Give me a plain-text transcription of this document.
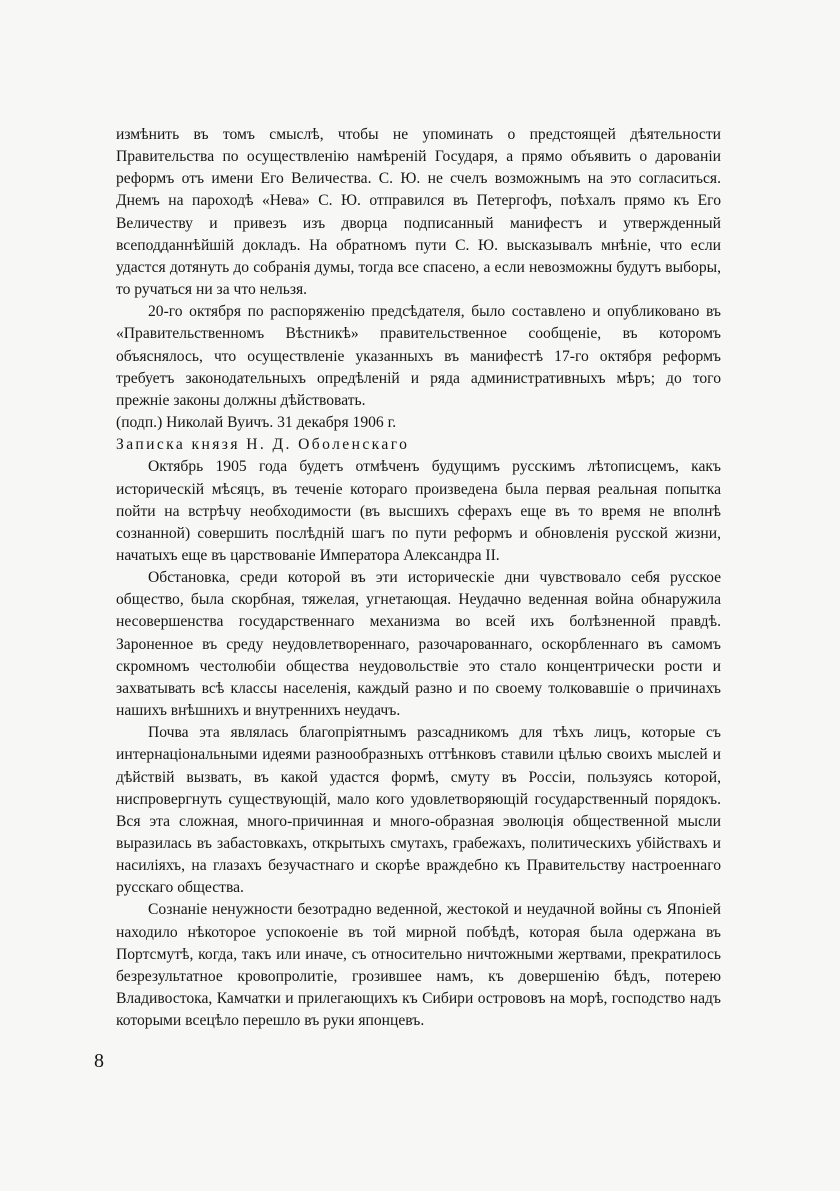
измѣнить въ томъ смыслѣ, чтобы не упоминать о предстоящей дѣятельности Правительства по осуществленію намѣреній Государя, а прямо объявить о дарованіи реформъ отъ имени Его Величества. С. Ю. не счелъ возможнымъ на это согласиться. Днемъ на пароходѣ «Нева» С. Ю. отправился въ Петергофъ, поѣхалъ прямо къ Его Величеству и привезъ изъ дворца подписанный манифестъ и утвержденный всеподданнѣйшій докладъ. На обратномъ пути С. Ю. высказывалъ мнѣніе, что если удастся дотянуть до собранія думы, тогда все спасено, а если невозможны будутъ выборы, то ручаться ни за что нельзя.

20-го октября по распоряженію предсѣдателя, было составлено и опубликовано въ «Правительственномъ Вѣстникѣ» правительственное сообщеніе, въ которомъ объяснялось, что осуществленіе указанныхъ въ манифестѣ 17-го октября реформъ требуетъ законодательныхъ опредѣленій и ряда административныхъ мѣръ; до того прежніе законы должны дѣйствовать.

(подп.) Николай Вуичъ. 31 декабря 1906 г.

Записка князя Н. Д. Оболенскаго

Октябрь 1905 года будетъ отмѣченъ будущимъ русскимъ лѣтописцемъ, какъ историческій мѣсяцъ, въ теченіе котораго произведена была первая реальная попытка пойти на встрѣчу необходимости (въ высшихъ сферахъ еще въ то время не вполнѣ сознанной) совершить послѣдній шагъ по пути реформъ и обновленія русской жизни, начатыхъ еще въ царствованіе Императора Александра II.

Обстановка, среди которой въ эти историческіе дни чувствовало себя русское общество, была скорбная, тяжелая, угнетающая. Неудачно веденная война обнаружила несовершенства государственнаго механизма во всей ихъ болѣзненной правдѣ. Зароненное въ среду неудовлетвореннаго, разочарованнаго, оскорбленнаго въ самомъ скромномъ честолюбіи общества неудовольствіе это стало концентрически рости и захватывать всѣ классы населенія, каждый разно и по своему толковавшіе о причинахъ нашихъ внѣшнихъ и внутреннихъ неудачъ.

Почва эта являлась благопріятнымъ разсадникомъ для тѣхъ лицъ, которые съ интернаціональными идеями разнообразныхъ оттѣнковъ ставили цѣлью своихъ мыслей и дѣйствій вызвать, въ какой удастся формѣ, смуту въ Россіи, пользуясь которой, ниспровергнуть существующій, мало кого удовлетворяющій государственный порядокъ. Вся эта сложная, много-причинная и много-образная эволюція общественной мысли выразилась въ забастовкахъ, открытыхъ смутахъ, грабежахъ, политическихъ убійствахъ и насиліяхъ, на глазахъ безучастнаго и скорѣе враждебно къ Правительству настроеннаго русскаго общества.

Сознаніе ненужности безотрадно веденной, жестокой и неудачной войны съ Японіей находило нѣкоторое успокоеніе въ той мирной побѣдѣ, которая была одержана въ Портсмутѣ, когда, такъ или иначе, съ относительно ничтожными жертвами, прекратилось безрезультатное кровопролитіе, грозившее намъ, къ довершенію бѣдъ, потерею Владивостока, Камчатки и прилегающихъ къ Сибири острововъ на морѣ, господство надъ которыми всецѣло перешло въ руки японцевъ.

8
